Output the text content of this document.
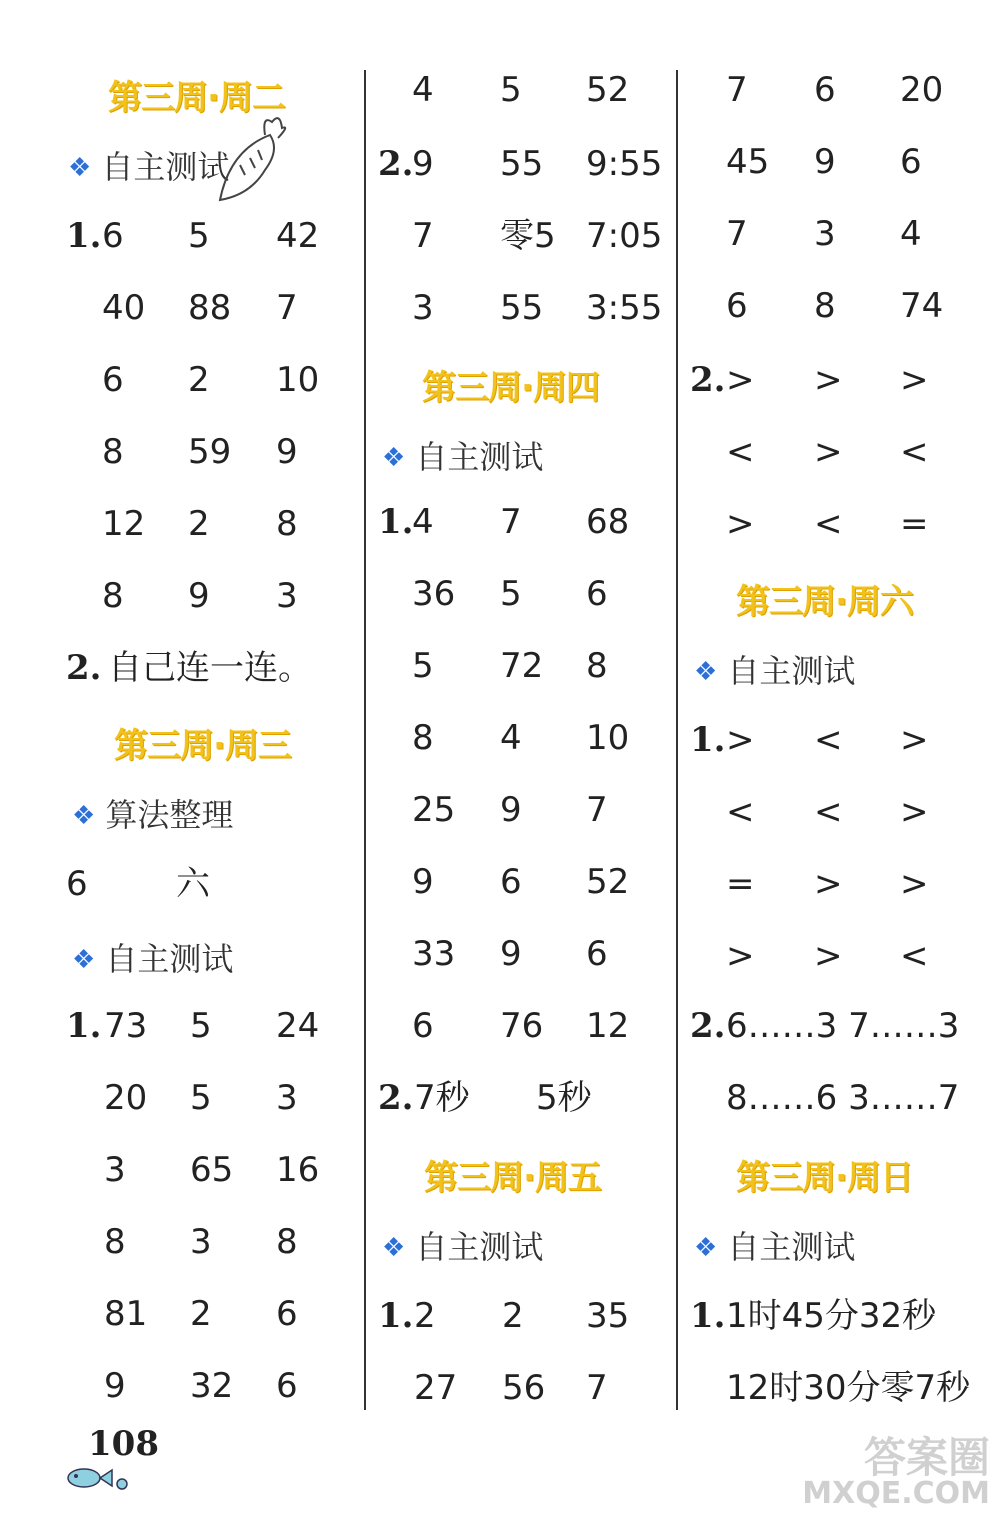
第三周·周二
❖ 自主测试
1. 6 5 42
40 88 7
6 2 10
8 59 9
12 2 8
8 9 3
2. 自己连一连。
第三周·周三
❖ 算法整理
6	六
❖ 自主测试
1. 73 5 24
20 5 3
3 65 16
8 3 8
81 2 6
9 32 6
4 5 52
2.
9 55 9:55
7 零5 7:05
3 55 3:55
第三周·周四
❖ 自主测试
1.
4 7 68
36 5 6
5 72 8
8 4 10
25 9 7
9 6 52
33 9 6
6 76 12
2. 7秒 5秒
第三周·周五
❖ 自主测试
1. 2 2 35
27 56 7
7 6 20
45 9 6
7 3 4
6 8 74
2. > > >
< > <
> < =
第三周·周六
❖ 自主测试
1. > < >
< < >
= > >
> > <
2. 6……3 7……3
8……6 3……7
第三周·周日
❖ 自主测试
1. 1时45分32秒
12时30分零7秒
108	答案圈
MXQE.COM
